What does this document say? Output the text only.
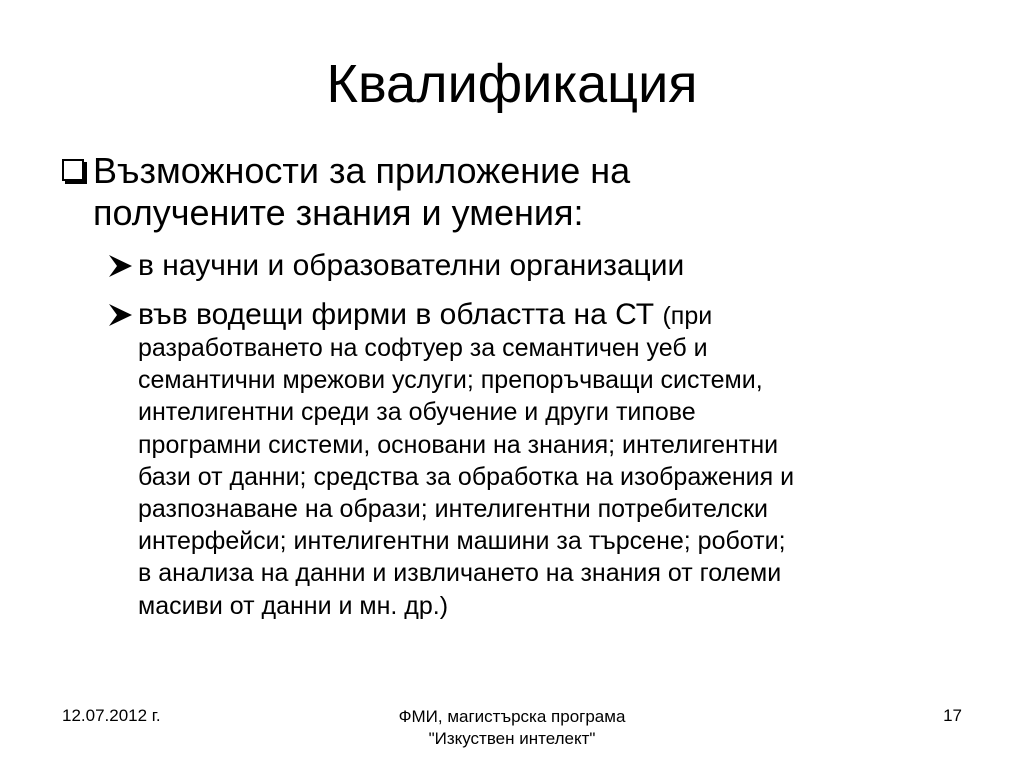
Квалификация
Възможности за приложение на
получените знания и умения:
в научни и образователни организации
във водещи фирми в областта на СТ (при
разработването на софтуер за семантичен уеб и
семантични мрежови услуги; препоръчващи системи,
интелигентни среди за обучение и други типове
програмни системи, основани на знания; интелигентни
бази от данни; средства за обработка на изображения и
разпознаване на образи; интелигентни потребителски
интерфейси; интелигентни машини за търсене; роботи;
в анализа на данни и извличането на знания от големи
масиви от данни и мн. др.)
12.07.2012 г.	ФМИ, магистърска програма
"Изкуствен интелект"
17
